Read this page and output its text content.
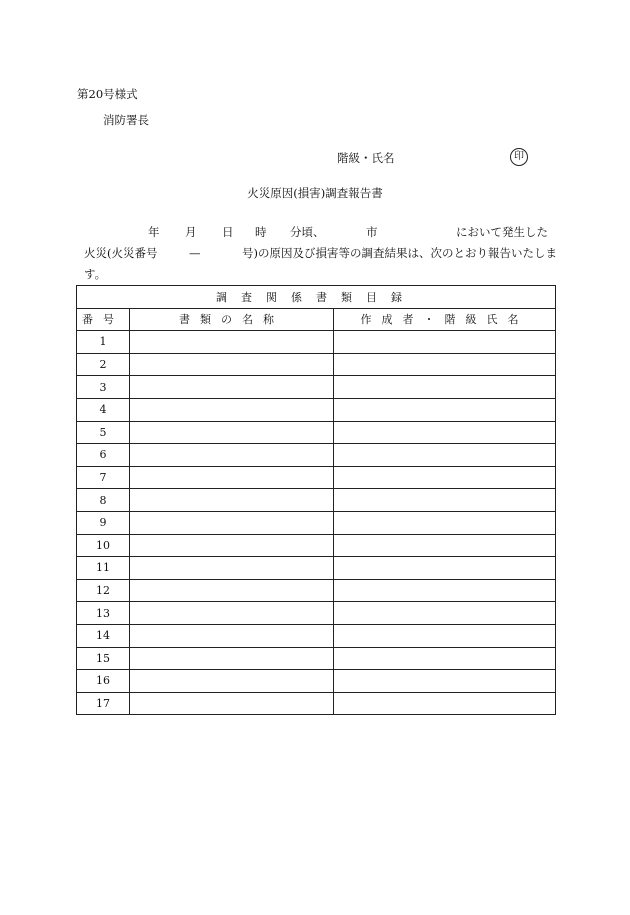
第20号様式
消防署長
階級・氏名	印
火災原因(損害)調査報告書
年 月 日 時 分頃、	市	において発生した
火災(火災番号	—	号)の原因及び損害等の調査結果は、次のとおり報告いたしま
す。
調査関係書類目録		
番号	書類の名称	作成者・階級氏名
1		
2		
3		
4		
5		
6		
7		
8		
9		
10		
11		
12		
13		
14		
15		
16		
17		
